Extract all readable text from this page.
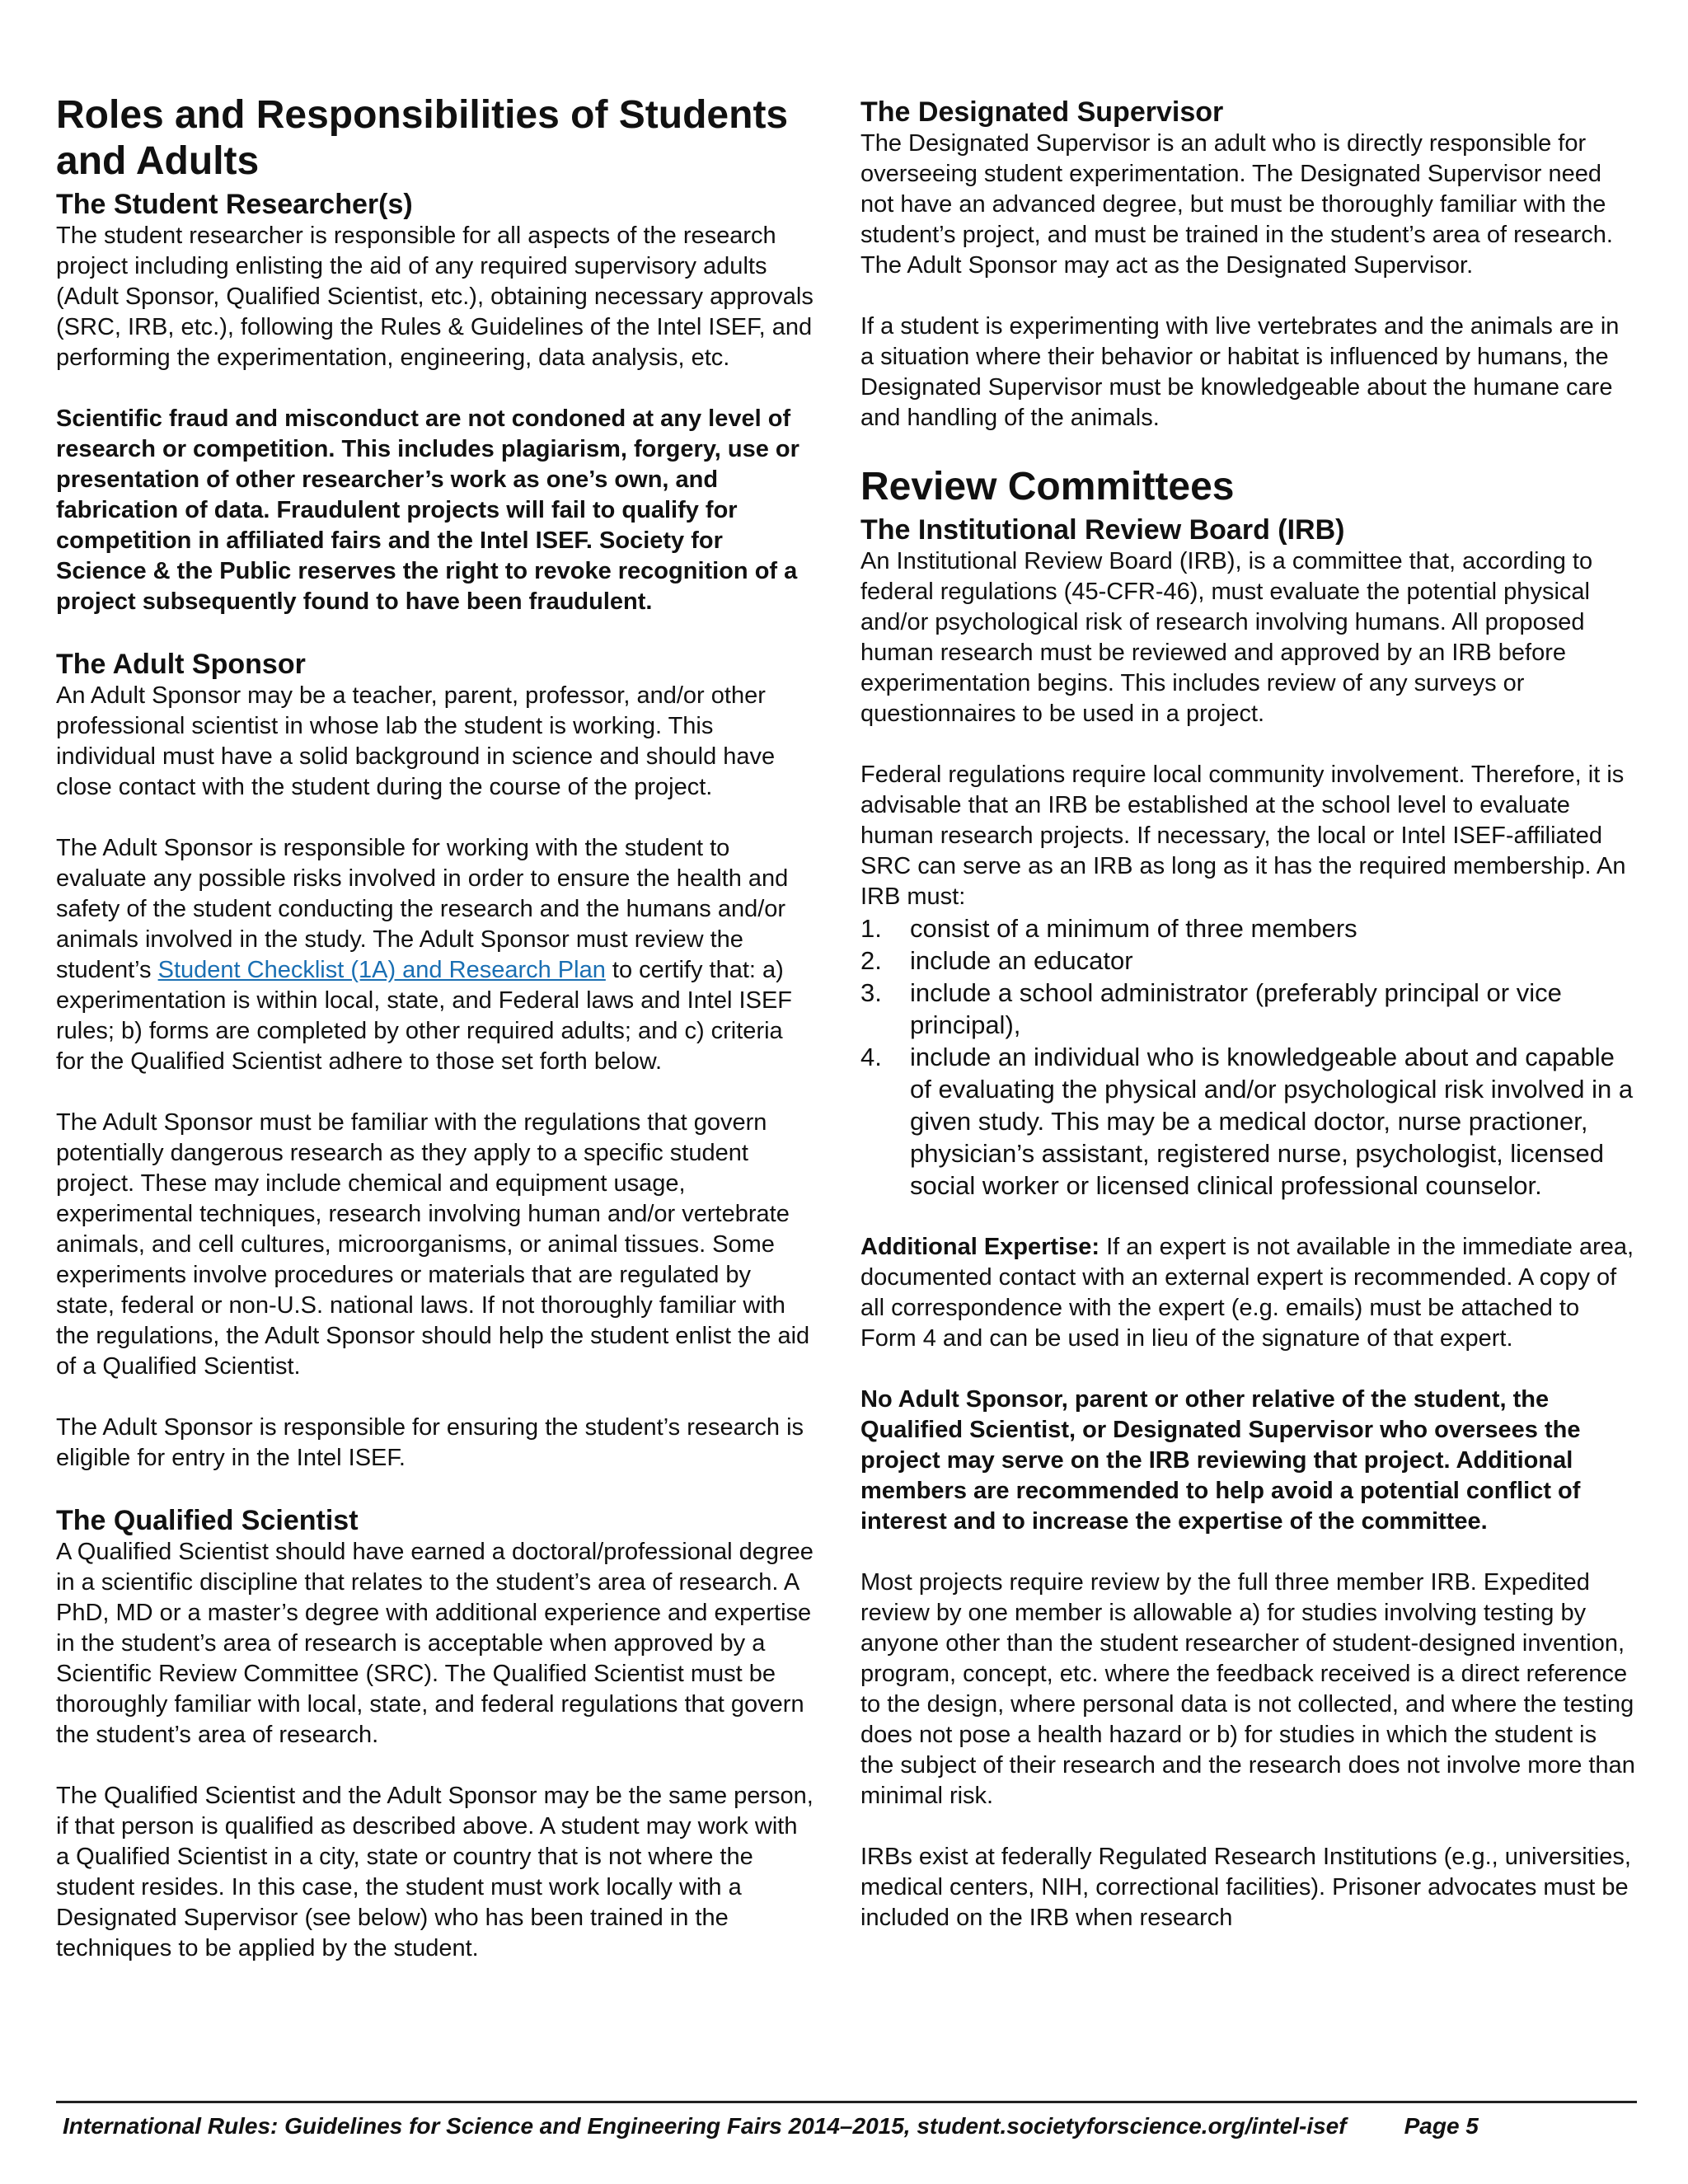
Roles and Responsibilities of Students and Adults
The Student Researcher(s)

The student researcher is responsible for all aspects of the research project including enlisting the aid of any required supervisory adults (Adult Sponsor, Qualified Scientist, etc.), obtaining necessary approvals (SRC, IRB, etc.), following the Rules & Guidelines of the Intel ISEF, and performing the experimentation, engineering, data analysis, etc.

Scientific fraud and misconduct are not condoned at any level of research or competition. This includes plagiarism, forgery, use or presentation of other researcher’s work as one’s own, and fabrication of data. Fraudulent projects will fail to qualify for competition in affiliated fairs and the Intel ISEF. Society for Science & the Public reserves the right to revoke recognition of a project subsequently found to have been fraudulent.

The Adult Sponsor

An Adult Sponsor may be a teacher, parent, professor, and/or other professional scientist in whose lab the student is working. This individual must have a solid background in science and should have close contact with the student during the course of the project.

The Adult Sponsor is responsible for working with the student to evaluate any possible risks involved in order to ensure the health and safety of the student conducting the research and the humans and/or animals involved in the study. The Adult Sponsor must review the student’s Student Checklist (1A) and Research Plan to certify that: a) experimentation is within local, state, and Federal laws and Intel ISEF rules; b) forms are completed by other required adults; and c) criteria for the Qualified Scientist adhere to those set forth below.

The Adult Sponsor must be familiar with the regulations that govern potentially dangerous research as they apply to a specific student project. These may include chemical and equipment usage, experimental techniques, research involving human and/or vertebrate animals, and cell cultures, microorganisms, or animal tissues. Some experiments involve procedures or materials that are regulated by state, federal or non-U.S. national laws. If not thoroughly familiar with the regulations, the Adult Sponsor should help the student enlist the aid of a Qualified Scientist.

The Adult Sponsor is responsible for ensuring the student’s research is eligible for entry in the Intel ISEF.

The Qualified Scientist

A Qualified Scientist should have earned a doctoral/professional degree in a scientific discipline that relates to the student’s area of research. A PhD, MD or a master’s degree with additional experience and expertise in the student’s area of research is acceptable when approved by a Scientific Review Committee (SRC). The Qualified Scientist must be thoroughly familiar with local, state, and federal regulations that govern the student’s area of research.

The Qualified Scientist and the Adult Sponsor may be the same person, if that person is qualified as described above. A student may work with a Qualified Scientist in a city, state or country that is not where the student resides. In this case, the student must work locally with a Designated Supervisor (see below) who has been trained in the techniques to be applied by the student.

The Designated Supervisor

The Designated Supervisor is an adult who is directly responsible for overseeing student experimentation. The Designated Supervisor need not have an advanced degree, but must be thoroughly familiar with the student’s project, and must be trained in the student’s area of research. The Adult Sponsor may act as the Designated Supervisor.

If a student is experimenting with live vertebrates and the animals are in a situation where their behavior or habitat is influenced by humans, the Designated Supervisor must be knowledgeable about the humane care and handling of the animals.

Review Committees
The Institutional Review Board (IRB)

An Institutional Review Board (IRB), is a committee that, according to federal regulations (45-CFR-46), must evaluate the potential physical and/or psychological risk of research involving humans. All proposed human research must be reviewed and approved by an IRB before experimentation begins. This includes review of any surveys or questionnaires to be used in a project.

Federal regulations require local community involvement. Therefore, it is advisable that an IRB be established at the school level to evaluate human research projects. If necessary, the local or Intel ISEF-affiliated SRC can serve as an IRB as long as it has the required membership. An IRB must:

1. consist of a minimum of three members
2. include an educator
3. include a school administrator (preferably principal or vice principal),
4. include an individual who is knowledgeable about and capable of evaluating the physical and/or psychological risk involved in a given study. This may be a medical doctor, nurse practioner, physician’s assistant, registered nurse, psychologist, licensed social worker or licensed clinical professional counselor.

Additional Expertise: If an expert is not available in the immediate area, documented contact with an external expert is recommended. A copy of all correspondence with the expert (e.g. emails) must be attached to Form 4 and can be used in lieu of the signature of that expert.

No Adult Sponsor, parent or other relative of the student, the Qualified Scientist, or Designated Supervisor who oversees the project may serve on the IRB reviewing that project. Additional members are recommended to help avoid a potential conflict of interest and to increase the expertise of the committee.

Most projects require review by the full three member IRB. Expedited review by one member is allowable a) for studies involving testing by anyone other than the student researcher of student-designed invention, program, concept, etc. where the feedback received is a direct reference to the design, where personal data is not collected, and where the testing does not pose a health hazard or b) for studies in which the student is the subject of their research and the research does not involve more than minimal risk.

IRBs exist at federally Regulated Research Institutions (e.g., universities, medical centers, NIH, correctional facilities). Prisoner advocates must be included on the IRB when research

International Rules: Guidelines for Science and Engineering Fairs 2014–2015, student.societyforscience.org/intel-isef	Page 5
